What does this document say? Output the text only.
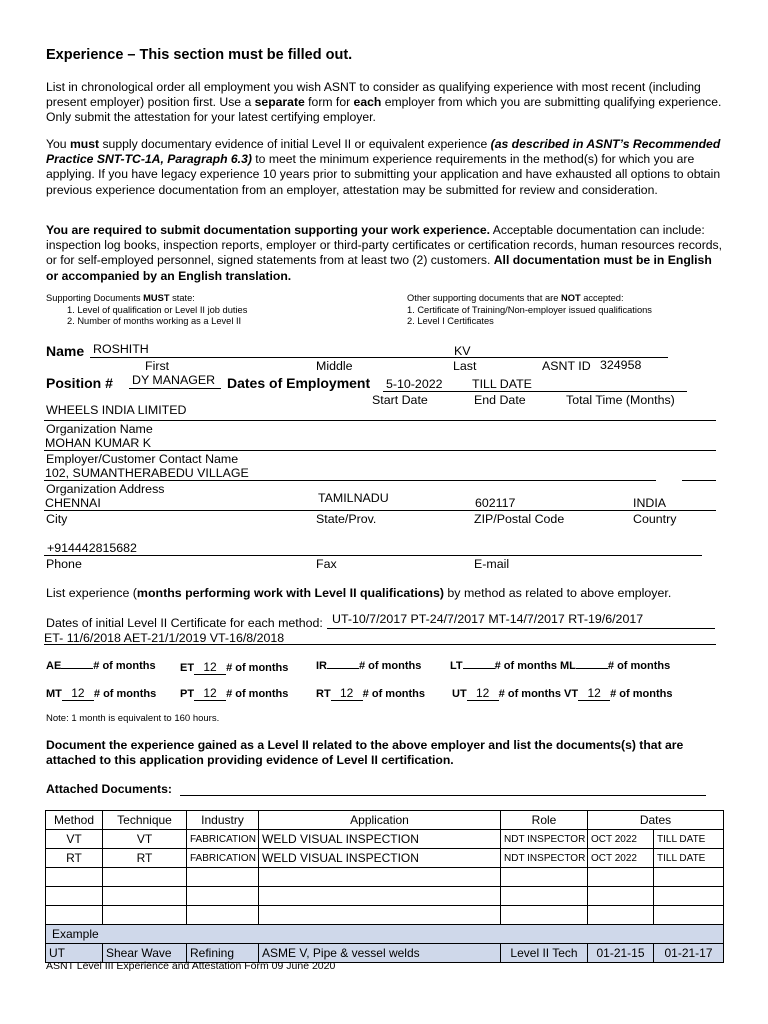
Experience – This section must be filled out.
List in chronological order all employment you wish ASNT to consider as qualifying experience with most recent (including present employer) position first. Use a separate form for each employer from which you are submitting qualifying experience. Only submit the attestation for your latest certifying employer.
You must supply documentary evidence of initial Level II or equivalent experience (as described in ASNT’s Recommended Practice SNT-TC-1A, Paragraph 6.3) to meet the minimum experience requirements in the method(s) for which you are applying. If you have legacy experience 10 years prior to submitting your application and have exhausted all options to obtain previous experience documentation from an employer, attestation may be submitted for review and consideration.
You are required to submit documentation supporting your work experience. Acceptable documentation can include: inspection log books, inspection reports, employer or third-party certificates or certification records, human resources records, or for self-employed personnel, signed statements from at least two (2) customers. All documentation must be in English or accompanied by an English translation.
Supporting Documents MUST state:
1. Level of qualification or Level II job duties
2. Number of months working as a Level II
Other supporting documents that are NOT accepted:
1. Certificate of Training/Non-employer issued qualifications
2. Level I Certificates
Name ROSHITH	KV
First	Middle	Last	ASNT ID 324958
Position # DY MANAGER Dates of Employment 5-10-2022 TILL DATE
Start Date	End Date	Total Time (Months)
WHEELS INDIA LIMITED
Organization Name
MOHAN KUMAR K
Employer/Customer Contact Name
102, SUMANTHERABEDU VILLAGE
Organization Address
CHENNAI	TAMILNADU	602117	INDIA
City	State/Prov.	ZIP/Postal Code	Country
+914442815682
Phone	Fax	E-mail
List experience (months performing work with Level II qualifications) by method as related to above employer.
Dates of initial Level II Certificate for each method: UT-10/7/2017 PT-24/7/2017 MT-14/7/2017 RT-19/6/2017
ET- 11/6/2018 AET-21/1/2019 VT-16/8/2018
AE	# of months ET 12 # of months	IR	# of months	LT	# of months ML	# of months
MT 12 # of months PT 12 # of months	RT 12 # of months UT 12 # of months VT 12 # of months
Note: 1 month is equivalent to 160 hours.
Document the experience gained as a Level II related to the above employer and list the documents(s) that are attached to this application providing evidence of Level II certification.
Attached Documents:
Method	Technique	Industry	Application	Role	Dates	
VT	VT	FABRICATION	WELD VISUAL INSPECTION	NDT INSPECTOR	OCT 2022	TILL DATE
RT	RT	FABRICATION	WELD VISUAL INSPECTION	NDT INSPECTOR	OCT 2022	TILL DATE

Example						
UT	Shear Wave	Refining	ASME V, Pipe & vessel welds	Level II Tech	01-21-15	01-21-17
ASNT Level III Experience and Attestation Form 09 June 2020
